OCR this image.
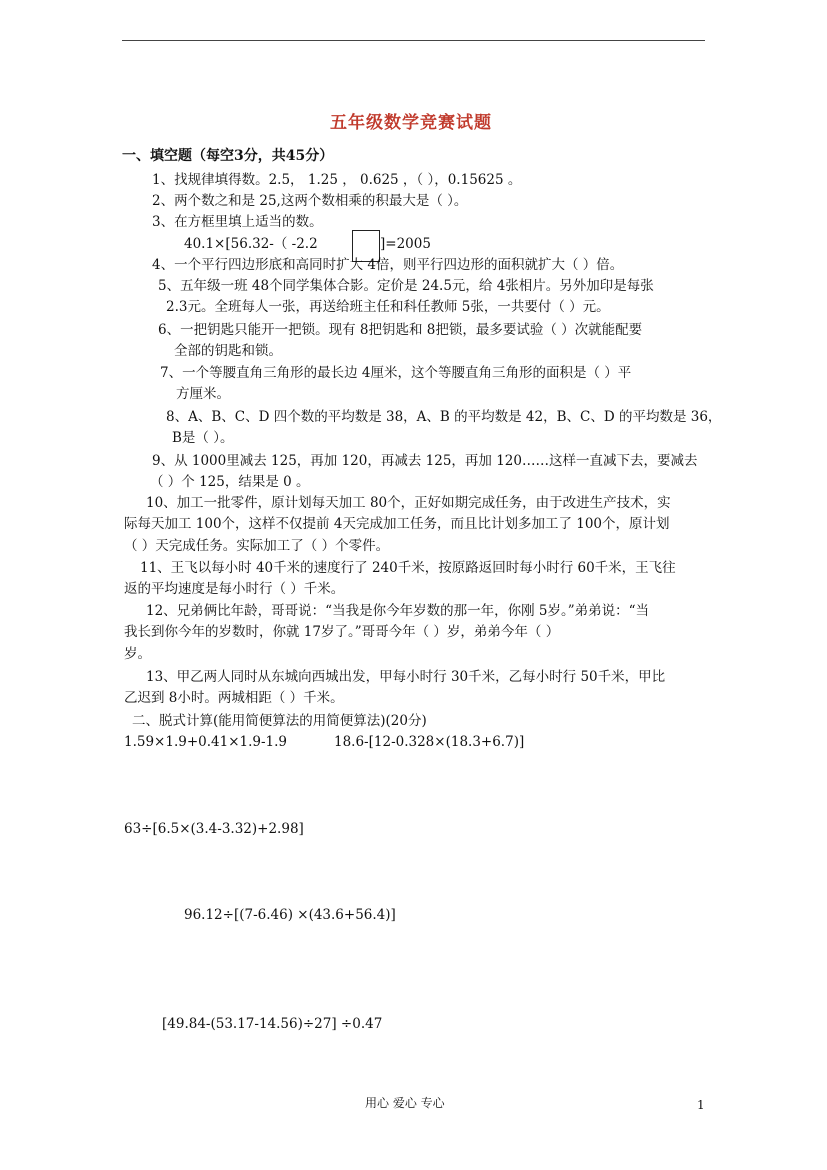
五年级数学竞赛试题
一、填空题（每空3分，共45分）
1、找规律填得数。2.5， 1.25 ， 0.625 ，（ ），0.15625 。
2、两个数之和是 25,这两个数相乘的积最大是（ ）。
3、在方框里填上适当的数。
40.1×[56.32-（ -2.2	]=2005
4、一个平行四边形底和高同时扩大 4倍，则平行四边形的面积就扩大（ ）倍。
5、五年级一班 48个同学集体合影。定价是 24.5元，给 4张相片。另外加印是每张
2.3元。全班每人一张，再送给班主任和科任教师 5张，一共要付（ ）元。
6、一把钥匙只能开一把锁。现有 8把钥匙和 8把锁，最多要试验（ ）次就能配要
全部的钥匙和锁。
7、一个等腰直角三角形的最长边 4厘米，这个等腰直角三角形的面积是（ ）平
方厘米。
8、A、B、C、D 四个数的平均数是 38，A、B 的平均数是 42，B、C、D 的平均数是 36，
B是（ ）。
9、从 1000里减去 125，再加 120，再减去 125，再加 120……这样一直减下去，要减去
（ ）个 125，结果是 0 。
10、加工一批零件，原计划每天加工 80个，正好如期完成任务，由于改进生产技术，实
际每天加工 100个，这样不仅提前 4天完成加工任务，而且比计划多加工了 100个，原计划
（ ）天完成任务。实际加工了（ ）个零件。
11、王飞以每小时 40千米的速度行了 240千米，按原路返回时每小时行 60千米，王飞往
返的平均速度是每小时行（ ）千米。
12、兄弟俩比年龄，哥哥说：“当我是你今年岁数的那一年，你刚 5岁。”弟弟说：“当
我长到你今年的岁数时，你就 17岁了。”哥哥今年（ ）岁，弟弟今年（ ）
岁。
13、甲乙两人同时从东城向西城出发，甲每小时行 30千米，乙每小时行 50千米，甲比
乙迟到 8小时。两城相距（ ）千米。
二、脱式计算(能用简便算法的用简便算法)(20分)
1.59×1.9+0.41×1.9-1.9	18.6-[12-0.328×(18.3+6.7)]
63÷[6.5×(3.4-3.32)+2.98]
96.12÷[(7-6.46) ×(43.6+56.4)]
[49.84-(53.17-14.56)÷27] ÷0.47
用心 爱心 专心	1
